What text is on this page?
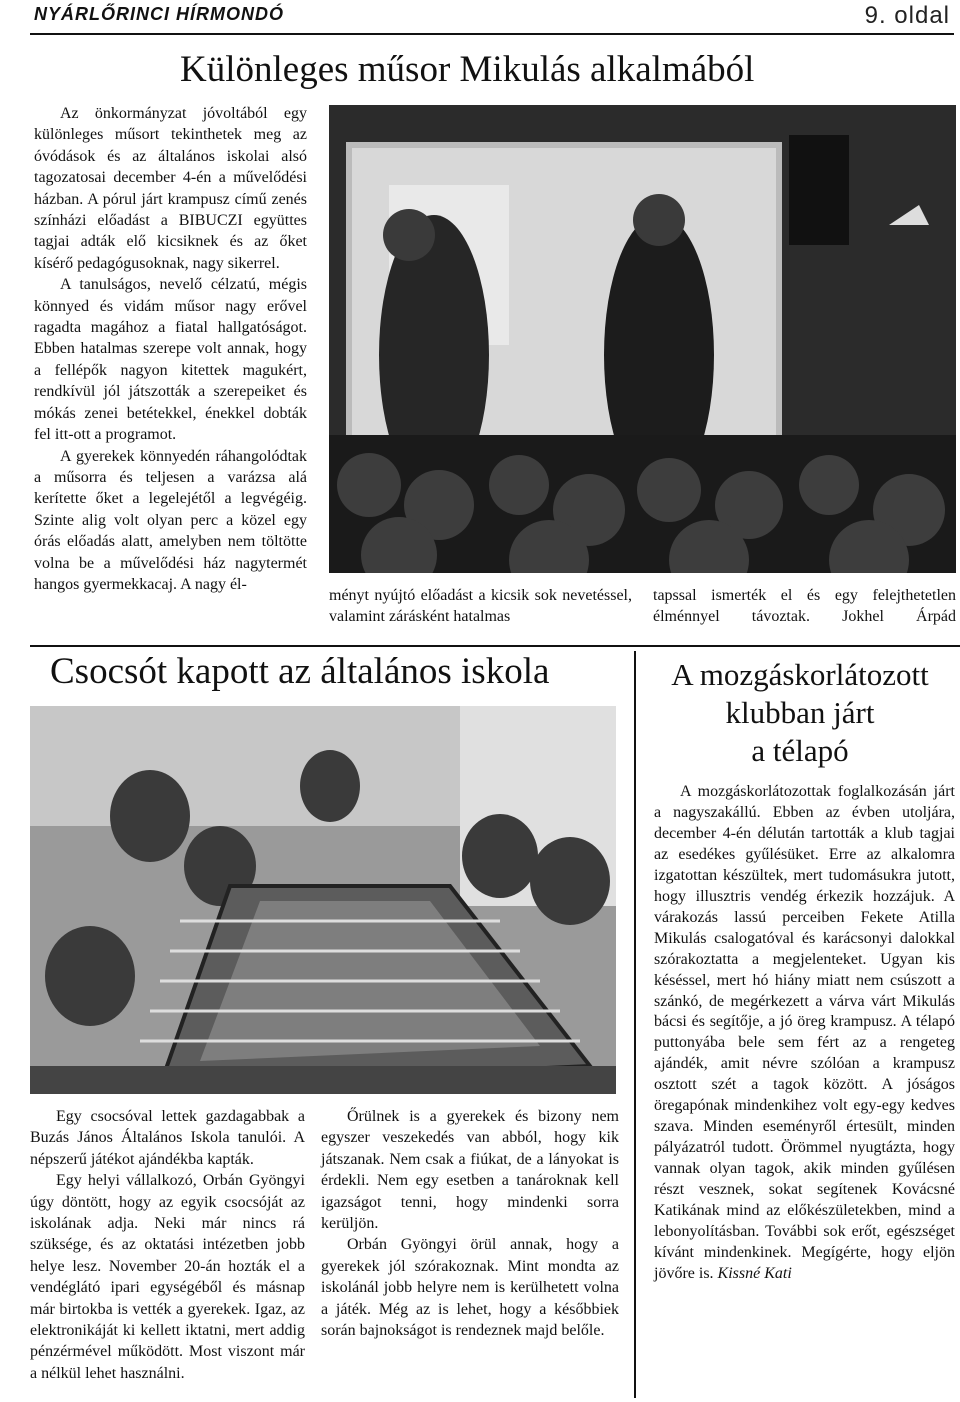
NYÁRLŐRINCI HÍRMONDÓ	9. oldal
Különleges műsor Mikulás alkalmából

Az önkormányzat jóvoltából egy különleges műsort tekinthetek meg az óvódások és az általános iskolai alsó tagozatosai december 4-én a művelődési házban. A pórul járt krampusz című zenés színházi előadást a BIBUCZI együttes tagjai adták elő kicsiknek és az őket kísérő pedagógusoknak, nagy sikerrel.

A tanulságos, nevelő célzatú, mégis könnyed és vidám műsor nagy erővel ragadta magához a fiatal hallgatóságot. Ebben hatalmas szerepe volt annak, hogy a fellépők nagyon kitettek magukért, rendkívül jól játszották a szerepeiket és mókás zenei betétekkel, énekkel dobták fel itt-ott a programot.

A gyerekek könnyedén ráhangolódtak a műsorra és teljesen a varázsa alá kerítette őket a legelejétől a legvégéig. Szinte alig volt olyan perc a közel egy órás előadás alatt, amelyben nem töltötte volna be a művelődési ház nagytermét hangos gyermekkacaj. A nagy él-

ményt nyújtó előadást a kicsik sok nevetéssel, valamint zárásként hatalmas

tapssal ismerték el és egy felejthetetlen élménnyel távoztak. Jokhel Árpád

Csocsót kapott az általános iskola

Egy csocsóval lettek gazdagabbak a Buzás János Általános Iskola tanulói. A népszerű játékot ajándékba kapták.

Egy helyi vállalkozó, Orbán Gyöngyi úgy döntött, hogy az egyik csocsóját az iskolának adja. Neki már nincs rá szüksége, és az oktatási intézetben jobb helye lesz. November 20-án hozták el a vendéglátó ipari egységéből és másnap már birtokba is vették a gyerekek. Igaz, az elektronikáját ki kellett iktatni, mert addig pénzérmével működött. Most viszont már a nélkül lehet használni.

Őrülnek is a gyerekek és bizony nem egyszer veszekedés van abból, hogy kik játszanak. Nem csak a fiúkat, de a lányokat is érdekli. Nem egy esetben a tanároknak kell igazságot tenni, hogy mindenki sorra kerüljön.

Orbán Gyöngyi örül annak, hogy a gyerekek jól szórakoznak. Mint mondta az iskolánál jobb helyre nem is kerülhetett volna a játék. Még az is lehet, hogy a későbbiek során bajnokságot is rendeznek majd belőle.

A mozgáskorlátozott
klubban járt
a télapó

A mozgáskorlátozottak foglalkozásán járt a nagyszakállú. Ebben az évben utoljára, december 4-én délután tartották a klub tagjai az esedékes gyűlésüket. Erre az alkalomra izgatottan készültek, mert tudomásukra jutott, hogy illusztris vendég érkezik hozzájuk. A várakozás lassú perceiben Fekete Atilla Mikulás csalogatóval és karácsonyi dalokkal szórakoztatta a megjelenteket. Ugyan kis késéssel, mert hó hiány miatt nem csúszott a szánkó, de megérkezett a várva várt Mikulás bácsi és segítője, a jó öreg krampusz. A télapó puttonyába bele sem fért az a rengeteg ajándék, amit névre szólóan a krampusz osztott szét a tagok között. A jóságos öregapónak mindenkihez volt egy-egy kedves szava. Minden eseményről értesült, minden pályázatról tudott. Örömmel nyugtázta, hogy vannak olyan tagok, akik minden gyűlésen részt vesznek, sokat segítenek Kovácsné Katikának mind az előkészületekben, mind a lebonyolításban. További sok erőt, egészséget kívánt mindenkinek. Megígérte, hogy eljön jövőre is. Kissné Kati
